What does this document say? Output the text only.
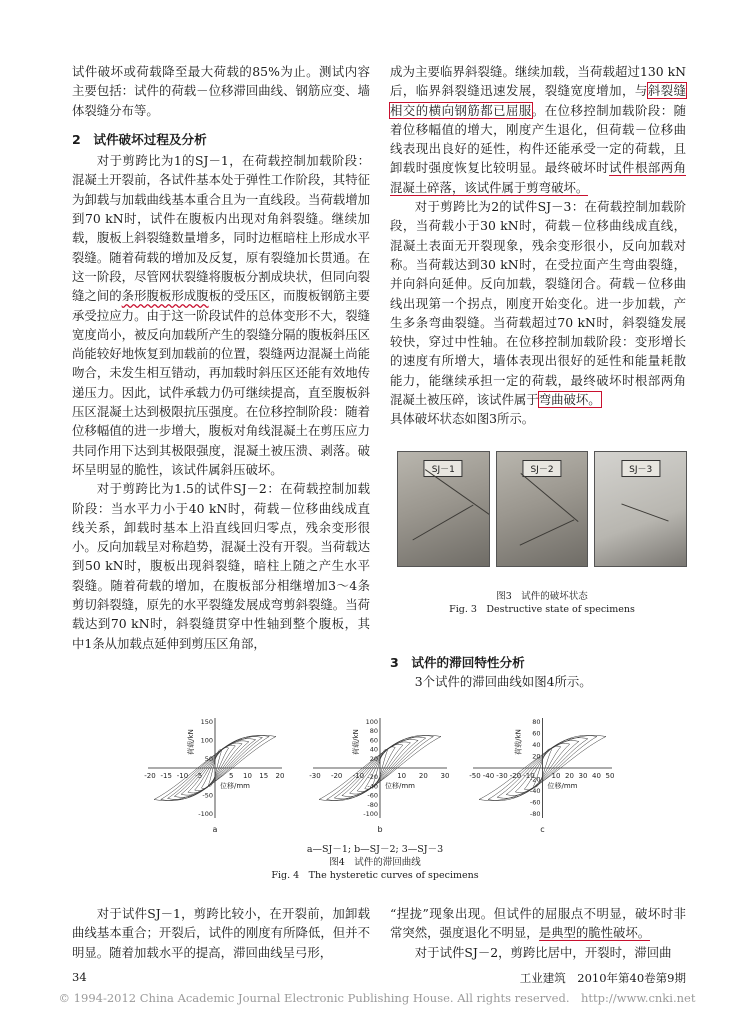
试件破坏或荷载降至最大荷载的85%为止。测试内容主要包括：试件的荷载－位移滞回曲线、钢筋应变、墙体裂缝分布等。

2　试件破坏过程及分析

对于剪跨比为1的SJ－1，在荷载控制加载阶段：混凝土开裂前，各试件基本处于弹性工作阶段，其特征为卸载与加载曲线基本重合且为一直线段。当荷载增加到70 kN时，试件在腹板内出现对角斜裂缝。继续加载，腹板上斜裂缝数量增多，同时边框暗柱上形成水平裂缝。随着荷载的增加及反复，原有裂缝加长贯通。在这一阶段，尽管网状裂缝将腹板分割成块状，但同向裂缝之间的条形腹板形成腹板的受压区，而腹板钢筋主要承受拉应力。由于这一阶段试件的总体变形不大，裂缝宽度尚小，被反向加载所产生的裂缝分隔的腹板斜压区尚能较好地恢复到加载前的位置，裂缝两边混凝土尚能吻合，未发生相互错动，再加载时斜压区还能有效地传递压力。因此，试件承载力仍可继续提高，直至腹板斜压区混凝土达到极限抗压强度。在位移控制阶段：随着位移幅值的进一步增大，腹板对角线混凝土在剪压应力共同作用下达到其极限强度，混凝土被压溃、剥落。破坏呈明显的脆性，该试件属斜压破坏。

对于剪跨比为1.5的试件SJ－2：在荷载控制加载阶段：当水平力小于40 kN时，荷载－位移曲线成直线关系，卸载时基本上沿直线回归零点，残余变形很小。反向加载呈对称趋势，混凝土没有开裂。当荷载达到50 kN时，腹板出现斜裂缝，暗柱上随之产生水平裂缝。随着荷载的增加，在腹板部分相继增加3～4条剪切斜裂缝，原先的水平裂缝发展成弯剪斜裂缝。当荷载达到70 kN时，斜裂缝贯穿中性轴到整个腹板，其中1条从加载点延伸到剪压区角部，

成为主要临界斜裂缝。继续加载，当荷载超过130 kN后，临界斜裂缝迅速发展，裂缝宽度增加，与斜裂缝相交的横向钢筋都已屈服。在位移控制加载阶段：随着位移幅值的增大，刚度产生退化，但荷载－位移曲线表现出良好的延性，构件还能承受一定的荷载，且卸载时强度恢复比较明显。最终破坏时试件根部两角混凝土碎落，该试件属于剪弯破坏。

对于剪跨比为2的试件SJ－3：在荷载控制加载阶段，当荷载小于30 kN时，荷载－位移曲线成直线，混凝土表面无开裂现象，残余变形很小，反向加载对称。当荷载达到30 kN时，在受拉面产生弯曲裂缝，并向斜向延伸。反向加载，裂缝闭合。荷载－位移曲线出现第一个拐点，刚度开始变化。进一步加载，产生多条弯曲裂缝。当荷载超过70 kN时，斜裂缝发展较快，穿过中性轴。在位移控制加载阶段：变形增长的速度有所增大，墙体表现出很好的延性和能量耗散能力，能继续承担一定的荷载，最终破坏时根部两角混凝土被压碎，该试件属于弯曲破坏。
具体破坏状态如图3所示。

SJ－1	SJ－2	SJ－3
图3　试件的破坏状态
Fig. 3　Destructive state of specimens
3　试件的滞回特性分析

3个试件的滞回曲线如图4所示。

-20 -15 -10 -5	5 10 15 20
150
100
50
-50
-100
荷载/kN
位移/mm
a
-30 -20 -10	10 20 30
100
80
60
40
20
-20
-40
-60
-80
-100
荷载/kN
位移/mm
b
-50 -40 -30 -20 -10 10 20 30 40 50
80
60
40
20
-20
-40
-60
-80
荷载/kN
位移/mm
c
a—SJ－1; b—SJ－2; 3—SJ－3
图4　试件的滞回曲线
Fig. 4　The hysteretic curves of specimens

对于试件SJ－1，剪跨比较小，在开裂前，加卸载曲线基本重合；开裂后，试件的刚度有所降低，但并不明显。随着加载水平的提高，滞回曲线呈弓形，

“捏拢”现象出现。但试件的屈服点不明显，破坏时非常突然，强度退化不明显，是典型的脆性破坏。

对于试件SJ－2，剪跨比居中，开裂时，滞回曲

34	工业建筑　2010年第40卷第9期
© 1994-2012 China Academic Journal Electronic Publishing House. All rights reserved.　http://www.cnki.net
